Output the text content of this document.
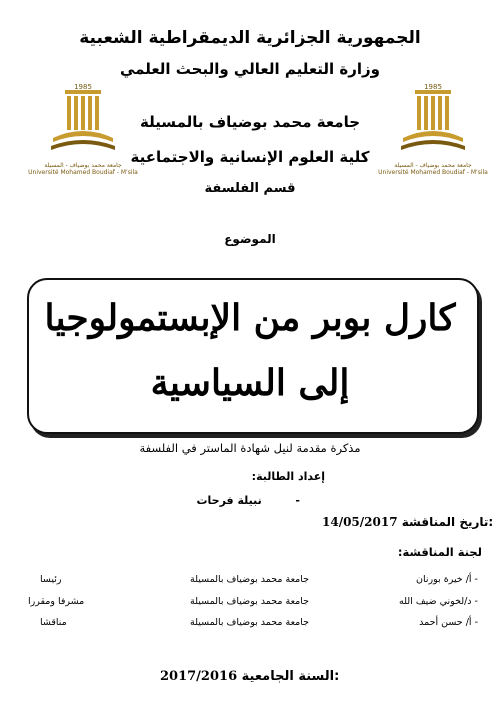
الجمهورية الجزائرية الديمقراطية الشعبية
وزارة التعليم العالي والبحث العلمي
جامعة محمد بوضياف بالمسيلة
كلية العلوم الإنسانية والاجتماعية
قسم الفلسفة
1985
جامعة محمد بوضياف - المسيلة
Université Mohamed Boudiaf - M'sila
1985
جامعة محمد بوضياف - المسيلة
Université Mohamed Boudiaf - M'sila
الموضوع
كارل بوبر من الإبستمولوجيا
إلى السياسية
مذكرة مقدمة لنيل شهادة الماستر في الفلسفة
إعداد الطالبة:
-  نبيلة فرحات
14/05/2017 تاريخ المناقشة:
لجنة المناقشة:
- أ/ خيرة بورنان
جامعة محمد بوضياف بالمسيلة
رئيسا
- د/لخوني ضيف الله
جامعة محمد بوضياف بالمسيلة
مشرفا ومقررا
- أ/ حسن أحمد
جامعة محمد بوضياف بالمسيلة
مناقشا
2017/2016 السنة الجامعية:
